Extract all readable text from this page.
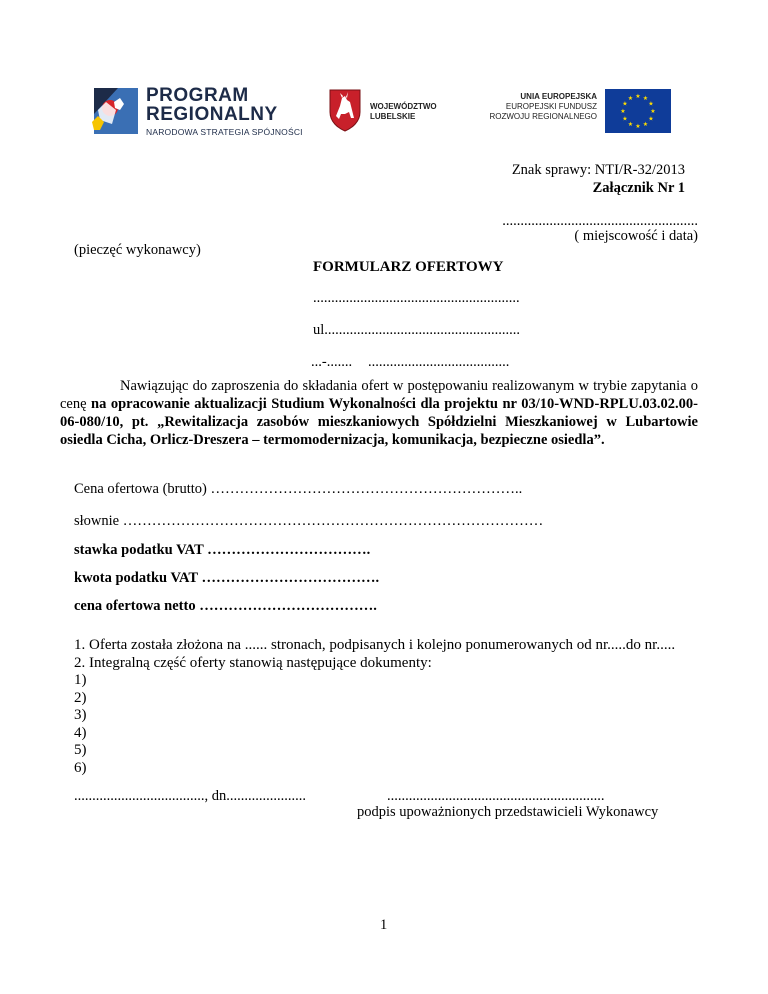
PROGRAM
REGIONALNY
NARODOWA STRATEGIA SPÓJNOŚCI
WOJEWÓDZTWO
LUBELSKIE
UNIA EUROPEJSKA
EUROPEJSKI FUNDUSZ
ROZWOJU REGIONALNEGO
★ ★
★
★
★
★
★
★
★
★
★
★
Znak sprawy: NTI/R-32/2013
Załącznik Nr 1
......................................................
( miejscowość i data)
(pieczęć wykonawcy)
FORMULARZ OFERTOWY
.........................................................
ul......................................................
...-....... .......................................
Nawiązując do zaproszenia do składania ofert w postępowaniu realizowanym w trybie zapytania o cenę na opracowanie aktualizacji Studium Wykonalności dla projektu nr 03/10-WND-RPLU.03.02.00-06-080/10, pt. „Rewitalizacja zasobów mieszkaniowych Spółdzielni Mieszkaniowej w Lubartowie osiedla Cicha, Orlicz-Dreszera – termomodernizacja, komunikacja, bezpieczne osiedla”.
Cena ofertowa (brutto) ………………………………………………………..
słownie ……………………………………………………………………………
stawka podatku VAT …………………………….
kwota podatku VAT ……………………………….
cena ofertowa netto ……………………………….
1. Oferta została złożona na ...... stronach, podpisanych i kolejno ponumerowanych od nr.....do nr.....
2. Integralną część oferty stanowią następujące dokumenty:
1)
2)
3)
4)
5)
6)
...................................., dn......................	............................................................
podpis upoważnionych przedstawicieli Wykonawcy
1
